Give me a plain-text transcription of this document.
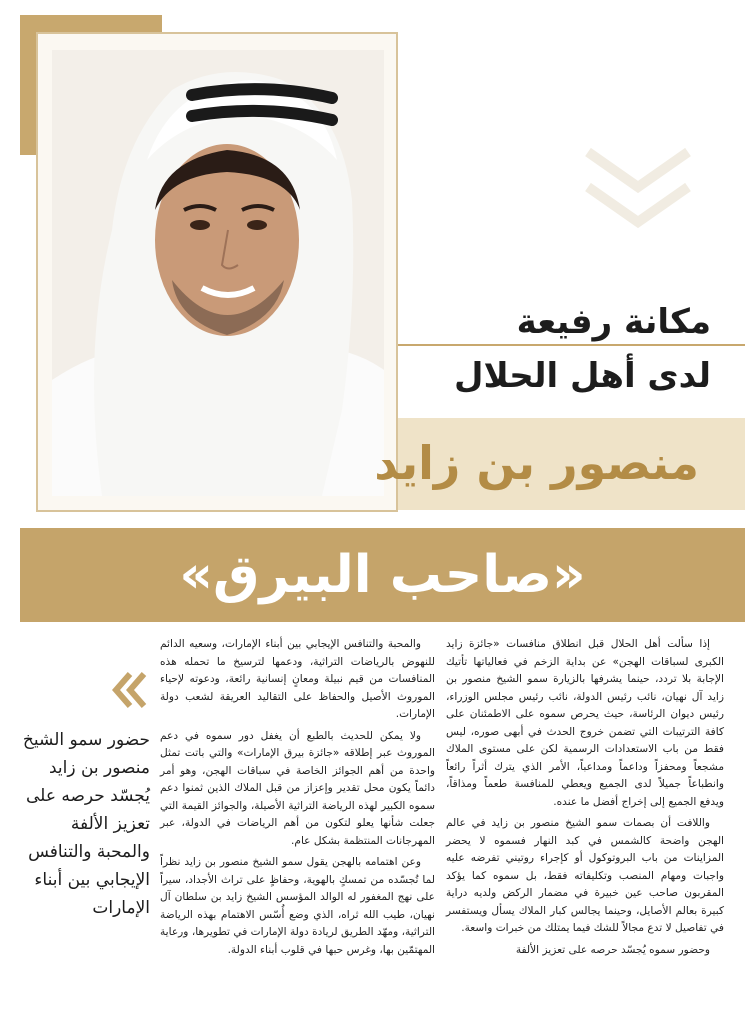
مكانة رفيعة

لدى أهل الحلال
منصور بن زايد
«صاحب البيرق»

إذا سألت أهل الحلال قبل انطلاق منافسات «جائزة زايد الكبرى لسباقات الهجن» عن بداية الزخم في فعالياتها تأتيك الإجابة بلا تردد، حينما يشرفها بالزيارة سمو الشيخ منصور بن زايد آل نهيان، نائب رئيس الدولة، نائب رئيس مجلس الوزراء، رئيس ديوان الرئاسة، حيث يحرص سموه على الاطمئنان على كافة الترتيبات التي تضمن خروج الحدث في أبهى صوره، ليس فقط من باب الاستعدادات الرسمية لكن على مستوى الملاك مشجعاً ومحفزاً وداعماً ومداعباً، الأمر الذي يترك أثراً رائعاً وانطباعاً جميلاً لدى الجميع ويعطي للمنافسة طعماً ومذاقاً، ويدفع الجميع إلى إخراج أفضل ما عنده.

واللافت أن بصمات سمو الشيخ منصور بن زايد في عالم الهجن واضحة كالشمس في كبد النهار فسموه لا يحضر المزاينات من باب البروتوكول أو كإجراء روتيني تفرضه عليه واجبات ومهام المنصب وتكليفاته فقط، بل سموه كما يؤكد المقربون صاحب عين خبيرة في مضمار الركض ولديه دراية كبيرة بعالم الأصايل، وحينما يجالس كبار الملاك يسأل ويستفسر في تفاصيل لا تدع مجالاً للشك فيما يمتلك من خبرات واسعة.

وحضور سموه يُجسّد حرصه على تعزيز الألفة

والمحبة والتنافس الإيجابي بين أبناء الإمارات، وسعيه الدائم للنهوض بالرياضات التراثية، ودعمها لترسيخ ما تحمله هذه المنافسات من قيم نبيلة ومعانٍ إنسانية رائعة، ودعوته لإحياء الموروث الأصيل والحفاظ على التقاليد العريقة لشعب دولة الإمارات.

ولا يمكن للحديث بالطبع أن يغفل دور سموه في دعم الموروث عبر إطلاقه «جائزة بيرق الإمارات» والتي باتت تمثل واحدة من أهم الجوائز الخاصة في سباقات الهجن، وهو أمر دائماً يكون محل تقدير وإعزاز من قبل الملاك الذين ثمنوا دعم سموه الكبير لهذه الرياضة التراثية الأصيلة، والجوائز القيمة التي جعلت شأنها يعلو لتكون من أهم الرياضات في الدولة، عبر المهرجانات المنتظمة بشكل عام.

وعن اهتمامه بالهجن يقول سمو الشيخ منصور بن زايد نظراً لما تُجسّده من تمسكٍ بالهوية، وحفاظٍ على تراث الأجداد، سيراً على نهج المغفور له الوالد المؤسس الشيخ زايد بن سلطان آل نهيان، طيب الله ثراه، الذي وضع أُسّس الاهتمام بهذه الرياضة التراثية، ومهّد الطريق لريادة دولة الإمارات في تطويرها، ورعاية المهتمّين بها، وغرس حبها في قلوب أبناء الدولة.

حضور سمو الشيخ منصور بن زايد يُجسّد حرصه على تعزيز الألفة والمحبة والتنافس الإيجابي بين أبناء الإمارات
